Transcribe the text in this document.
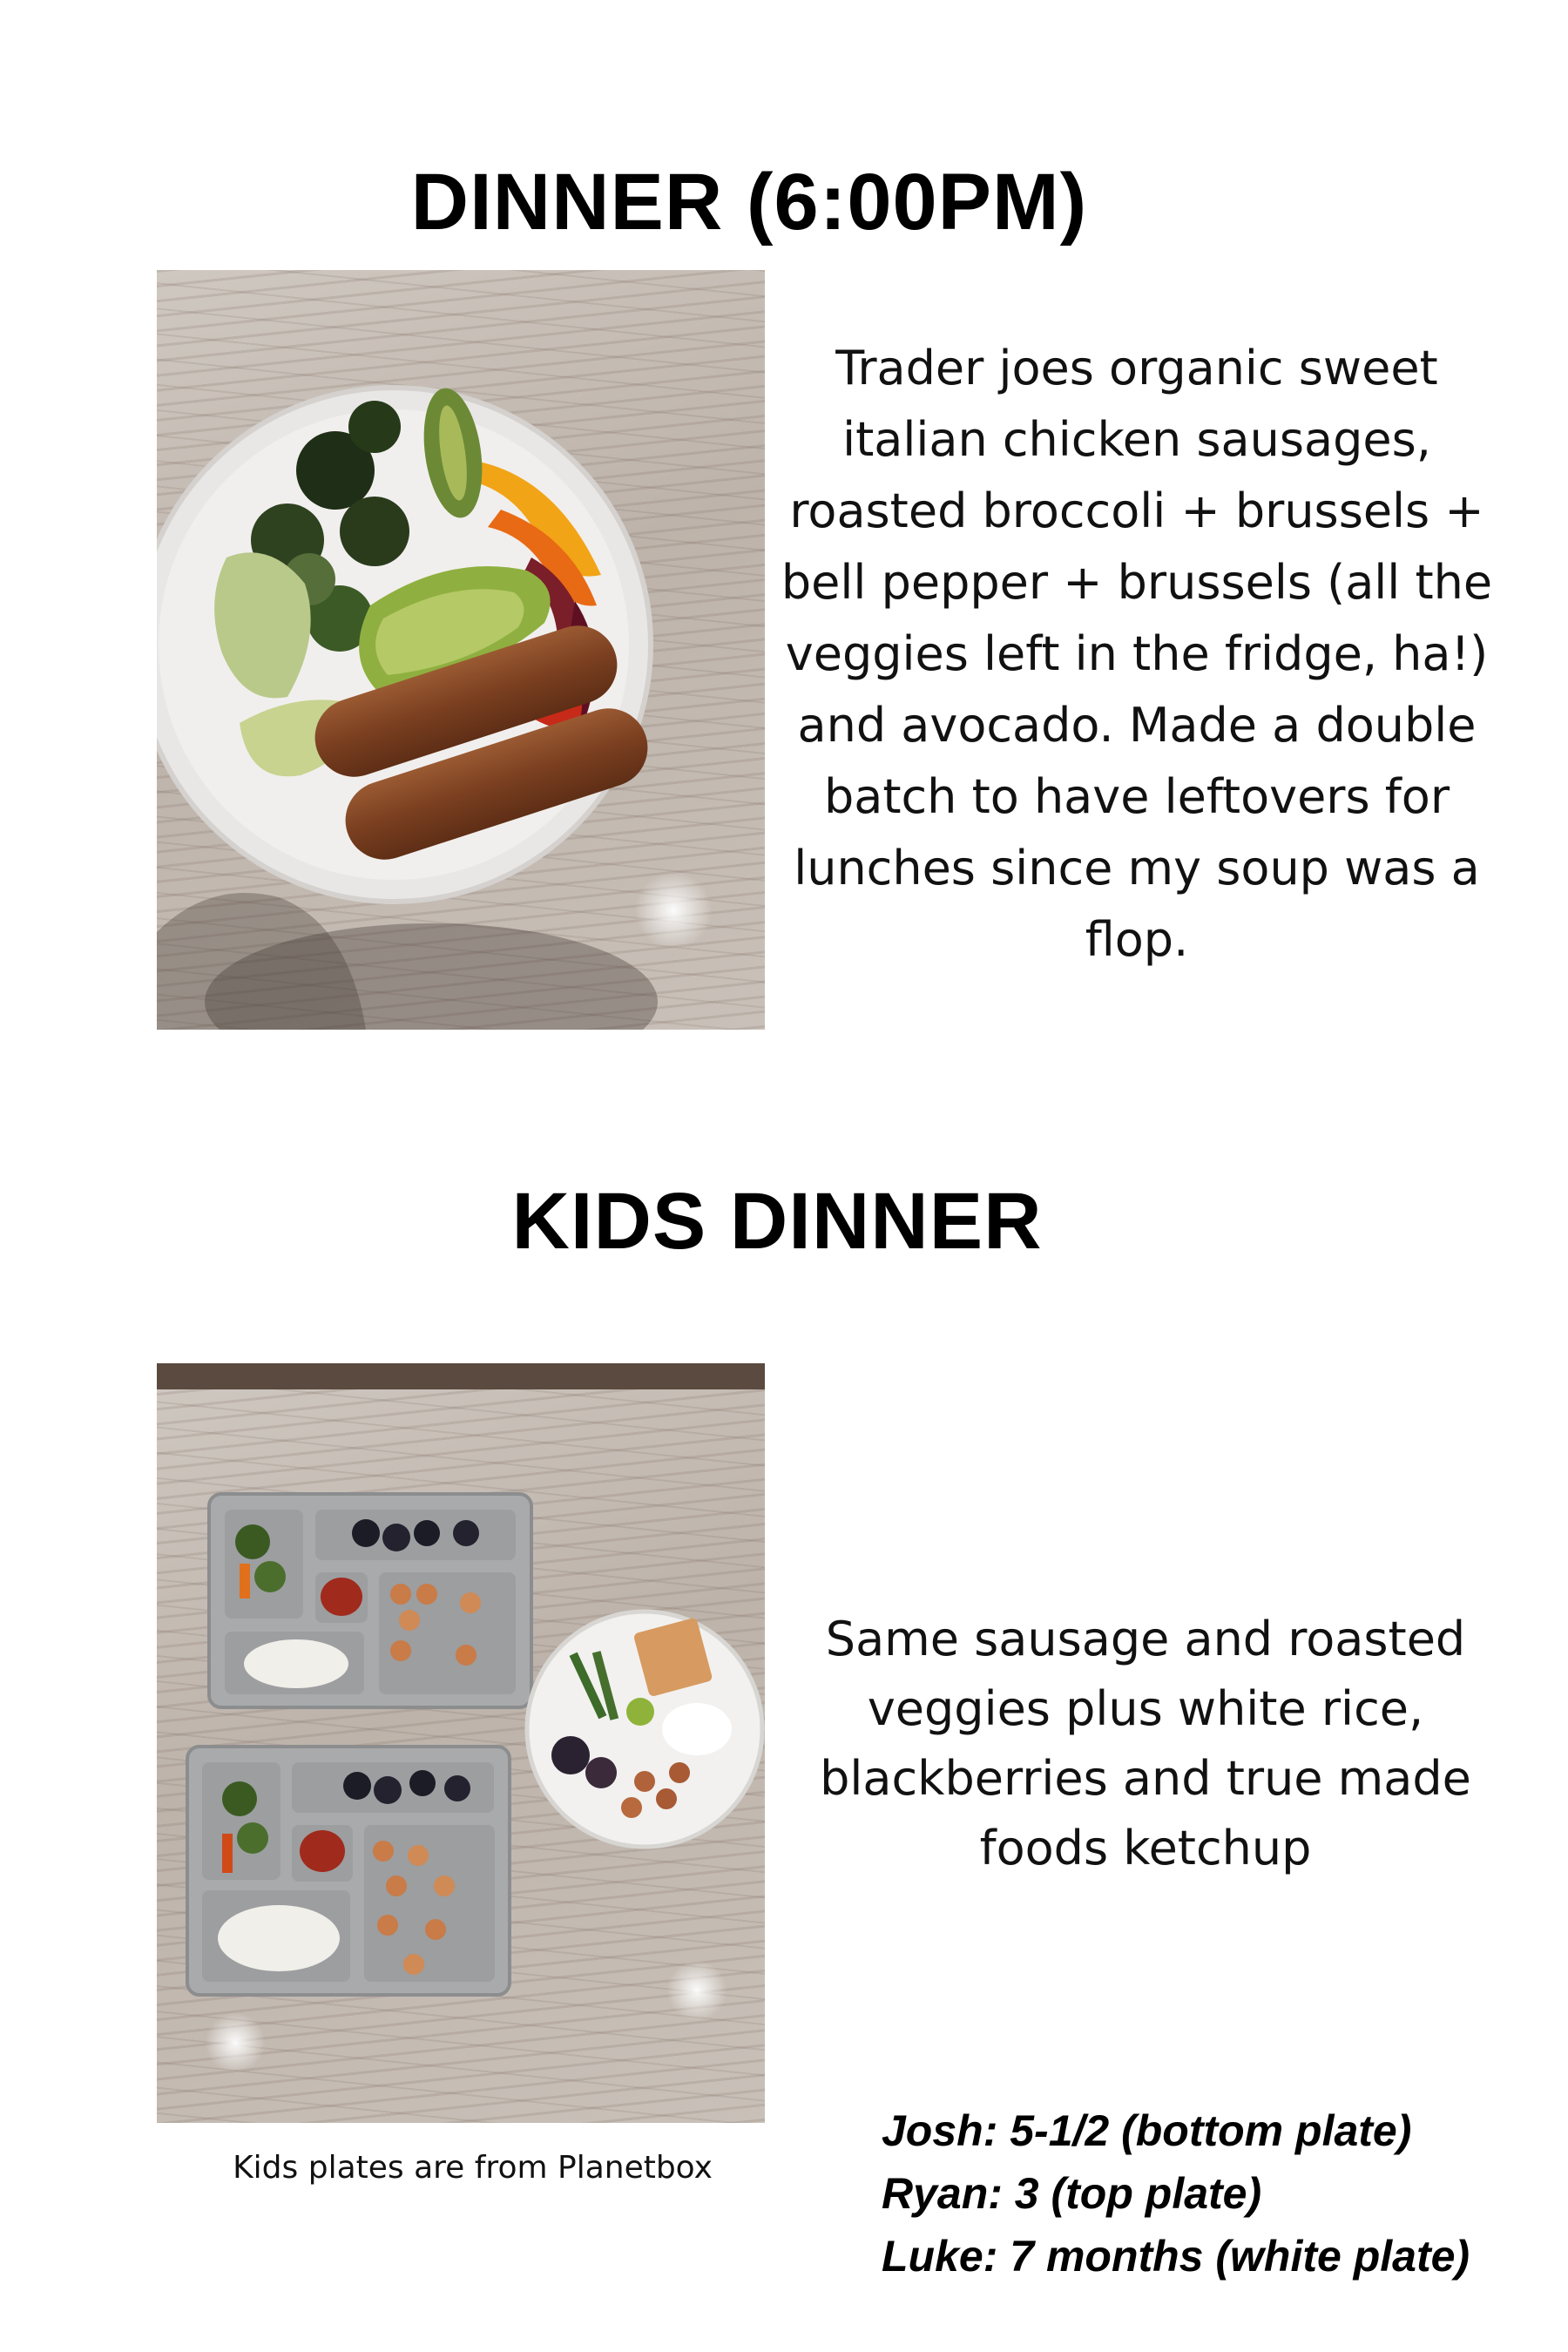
DINNER (6:00PM)

Trader joes organic sweet italian chicken sausages, roasted broccoli + brussels + bell pepper + brussels (all the veggies left in the fridge, ha!) and avocado. Made a double batch to have leftovers for lunches since my soup was a flop.

KIDS DINNER

Same sausage and roasted veggies plus white rice, blackberries and true made foods ketchup

Kids plates are from Planetbox
Josh: 5-1/2 (bottom plate)
Ryan: 3 (top plate)
Luke: 7 months (white plate)
